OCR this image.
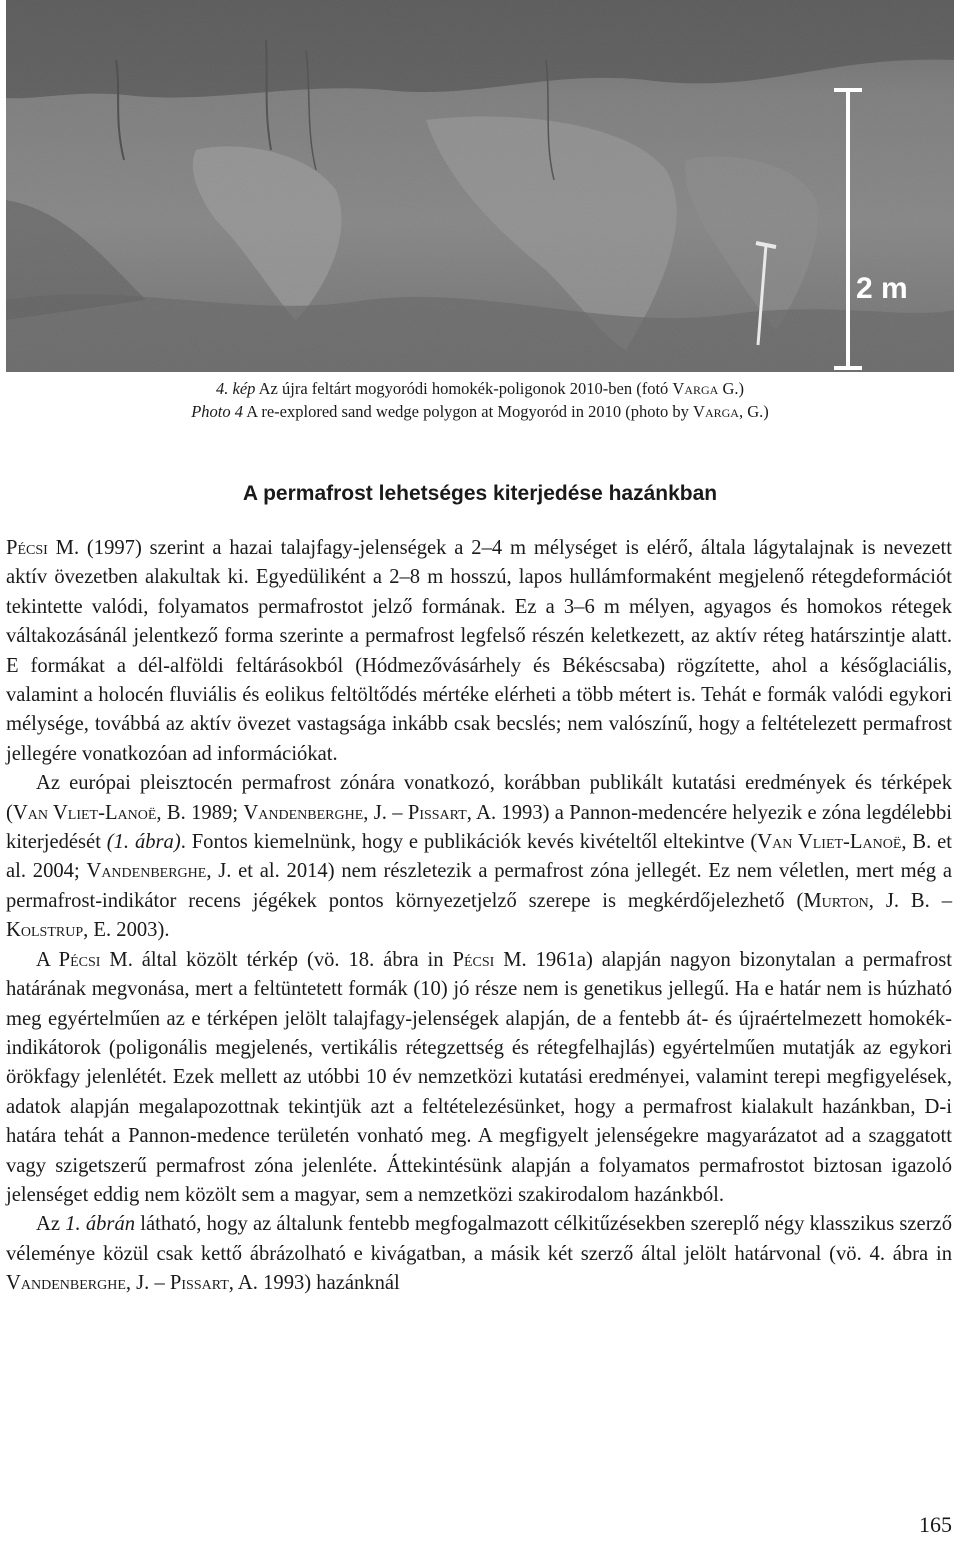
2 m
4. kép Az újra feltárt mogyoródi homokék-poligonok 2010-ben (fotó Varga G.)
Photo 4 A re-explored sand wedge polygon at Mogyoród in 2010 (photo by Varga, G.)
A permafrost lehetséges kiterjedése hazánkban

Pécsi M. (1997) szerint a hazai talajfagy-jelenségek a 2–4 m mélységet is elérő, általa lágytalajnak is nevezett aktív övezetben alakultak ki. Egyedüliként a 2–8 m hosszú, lapos hullámformaként megjelenő rétegdeformációt tekintette valódi, folyamatos permafrostot jelző formának. Ez a 3–6 m mélyen, agyagos és homokos rétegek váltakozásánál jelentkező forma szerinte a permafrost legfelső részén keletkezett, az aktív réteg határszintje alatt. E formákat a dél-alföldi feltárásokból (Hódmezővásárhely és Békéscsaba) rögzítette, ahol a későglaciális, valamint a holocén fluviális és eolikus feltöltődés mértéke elérheti a több métert is. Tehát e formák valódi egykori mélysége, továbbá az aktív övezet vastagsága inkább csak becslés; nem valószínű, hogy a feltételezett permafrost jellegére vonatkozóan ad információkat.

Az európai pleisztocén permafrost zónára vonatkozó, korábban publikált kutatási eredmények és térképek (Van Vliet-Lanoë, B. 1989; Vandenberghe, J. – Pissart, A. 1993) a Pannon-medencére helyezik e zóna legdélebbi kiterjedését (1. ábra). Fontos kiemelnünk, hogy e publikációk kevés kivételtől eltekintve (Van Vliet-Lanoë, B. et al. 2004; Vandenberghe, J. et al. 2014) nem részletezik a permafrost zóna jellegét. Ez nem véletlen, mert még a permafrost-indikátor recens jégékek pontos környezetjelző szerepe is megkérdőjelezhető (Murton, J. B. – Kolstrup, E. 2003).

A Pécsi M. által közölt térkép (vö. 18. ábra in Pécsi M. 1961a) alapján nagyon bizonytalan a permafrost határának megvonása, mert a feltüntetett formák (10) jó része nem is genetikus jellegű. Ha e határ nem is húzható meg egyértelműen az e térképen jelölt talajfagy-jelenségek alapján, de a fentebb át- és újraértelmezett homokék-indikátorok (poligonális megjelenés, vertikális rétegzettség és rétegfelhajlás) egyértelműen mutatják az egykori örökfagy jelenlétét. Ezek mellett az utóbbi 10 év nemzetközi kutatási eredményei, valamint terepi megfigyelések, adatok alapján megalapozottnak tekintjük azt a feltételezésünket, hogy a permafrost kialakult hazánkban, D-i határa tehát a Pannon-medence területén vonható meg. A megfigyelt jelenségekre magyarázatot ad a szaggatott vagy szigetszerű permafrost zóna jelenléte. Áttekintésünk alapján a folyamatos permafrostot biztosan igazoló jelenséget eddig nem közölt sem a magyar, sem a nemzetközi szakirodalom hazánkból.

Az 1. ábrán látható, hogy az általunk fentebb megfogalmazott célkitűzésekben szereplő négy klasszikus szerző véleménye közül csak kettő ábrázolható e kivágatban, a másik két szerző által jelölt határvonal (vö. 4. ábra in Vandenberghe, J. – Pissart, A. 1993) hazánknál

165
